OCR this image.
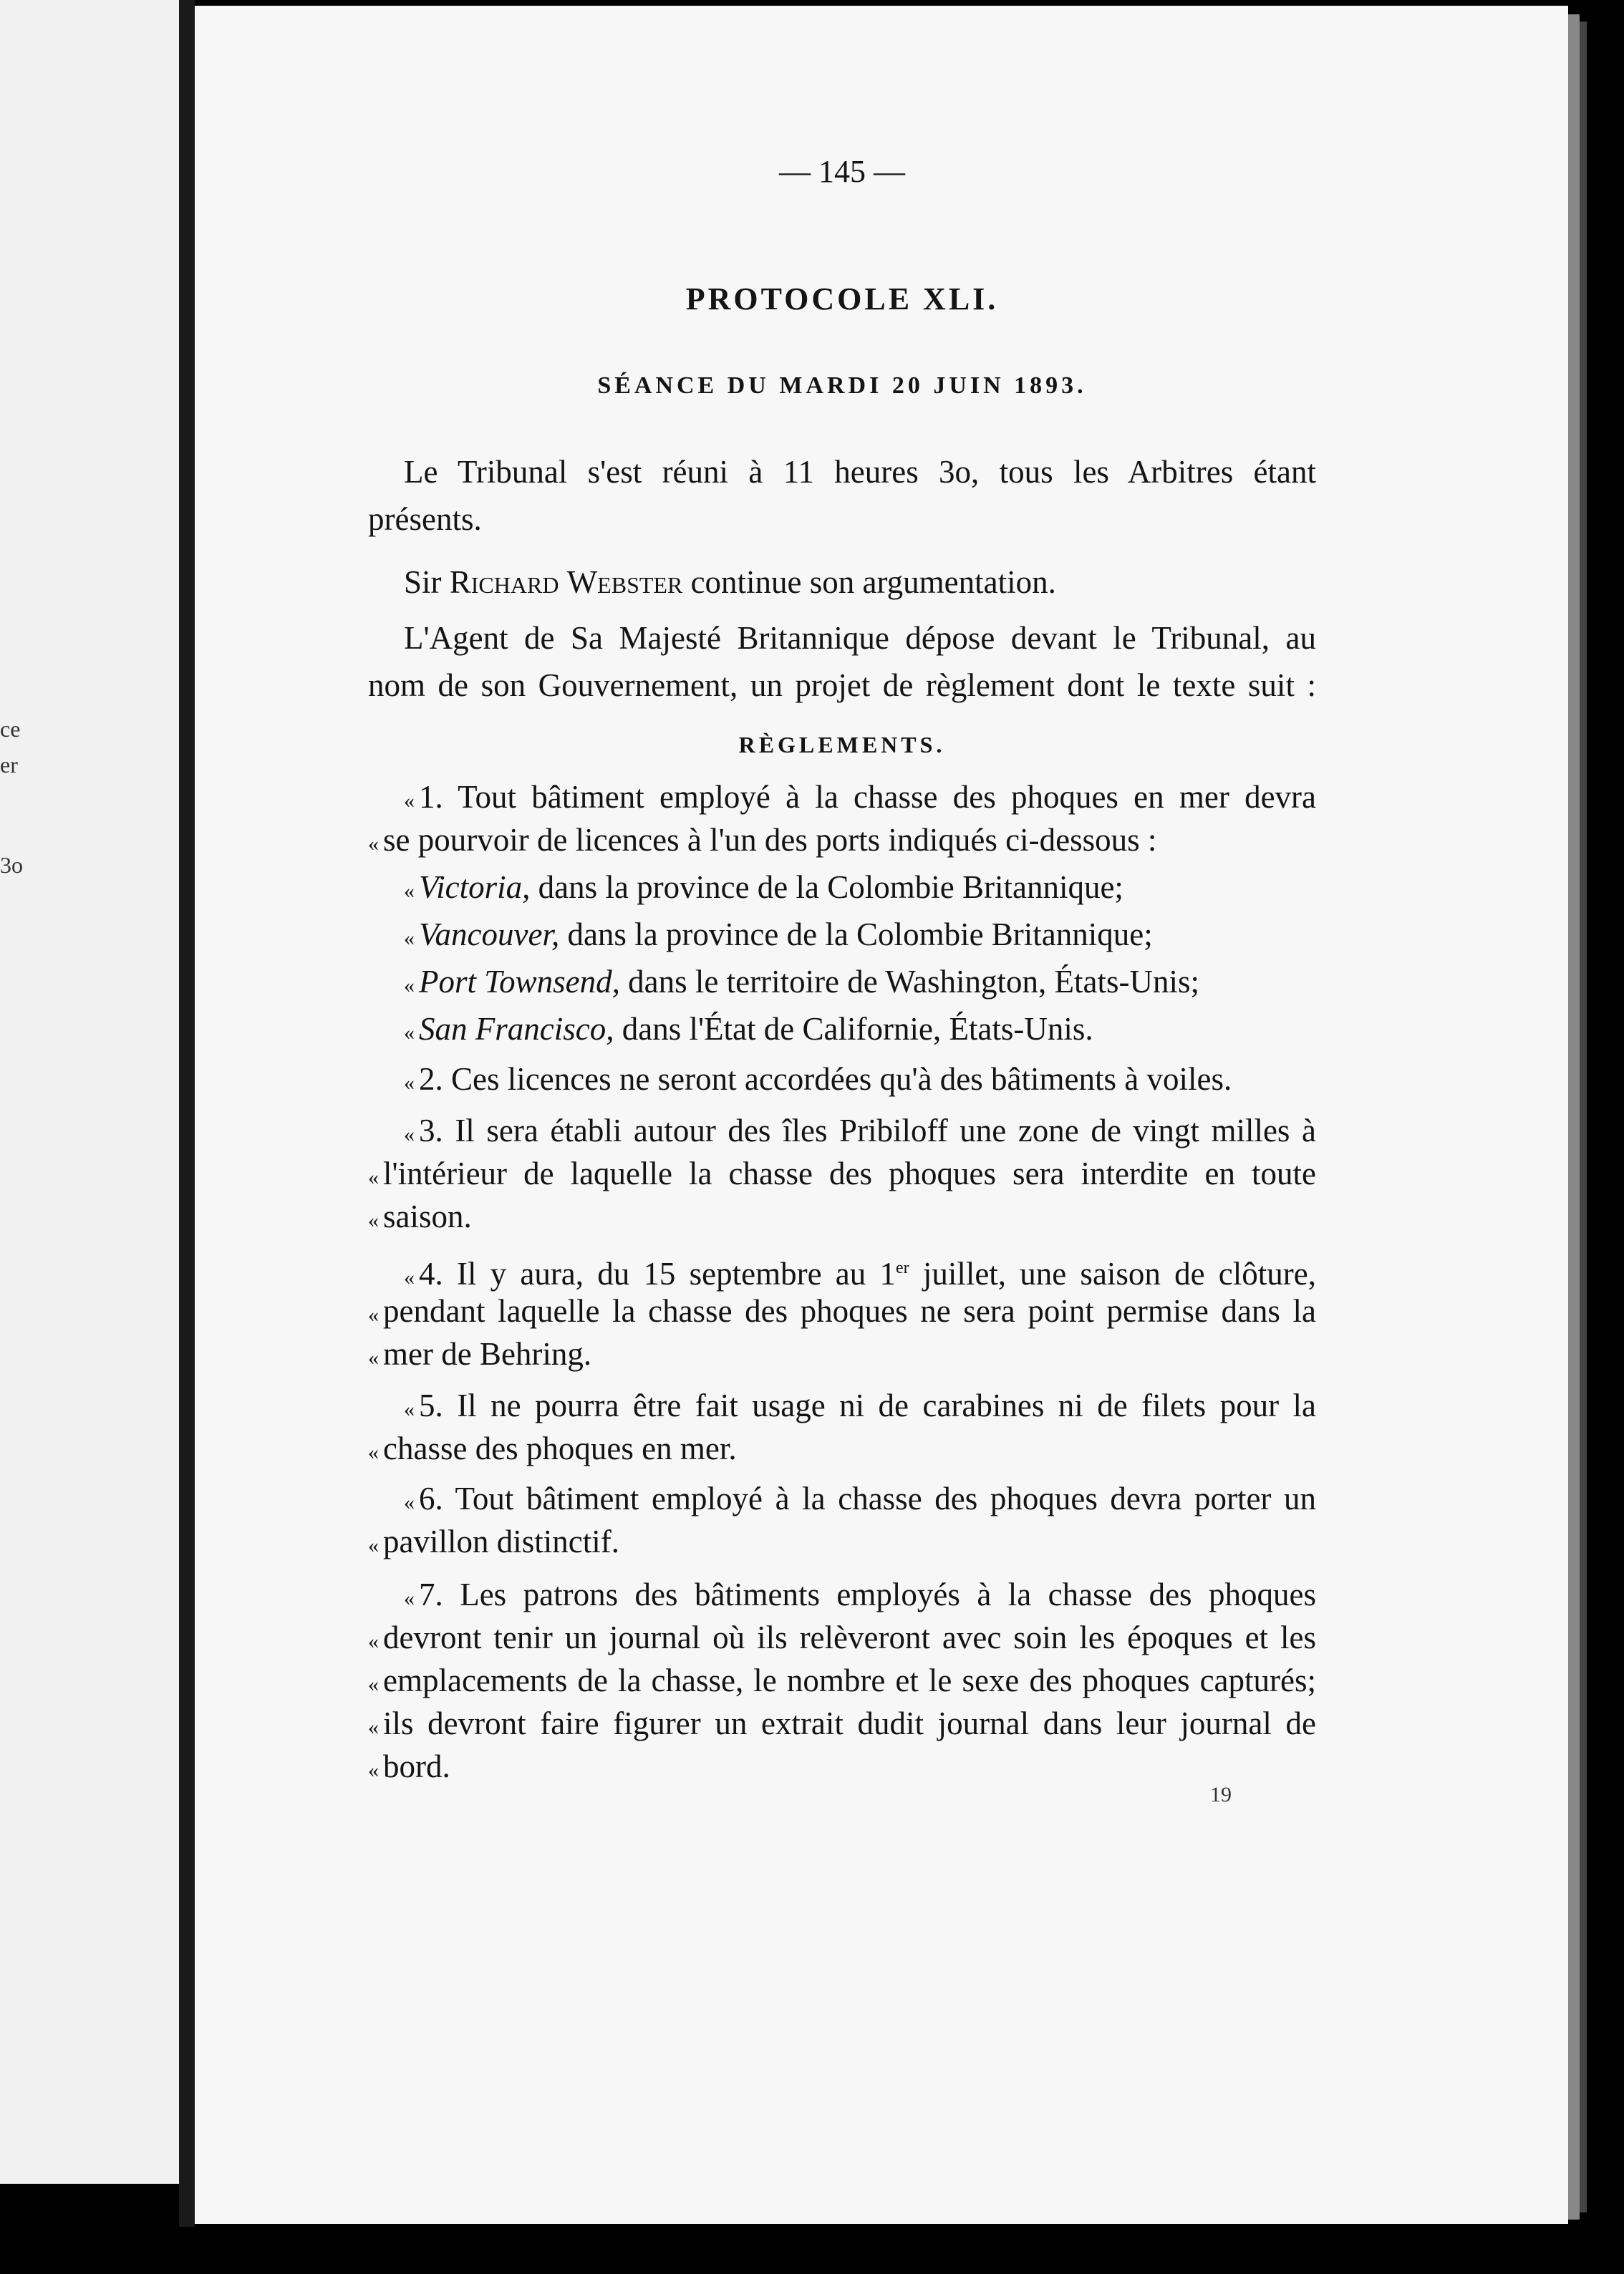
ce
er
3o
— 145 —
PROTOCOLE XLI.
SÉANCE DU MARDI 20 JUIN 1893.
Le Tribunal s'est réuni à 11 heures 3o, tous les Arbitres étant
présents.
Sir Richard Webster continue son argumentation.
L'Agent de Sa Majesté Britannique dépose devant le Tribunal, au
nom de son Gouvernement, un projet de règlement dont le texte suit :
RÈGLEMENTS.
« 1. Tout bâtiment employé à la chasse des phoques en mer devra
« se pourvoir de licences à l'un des ports indiqués ci-dessous :
« Victoria, dans la province de la Colombie Britannique;
« Vancouver, dans la province de la Colombie Britannique;
« Port Townsend, dans le territoire de Washington, États-Unis;
« San Francisco, dans l'État de Californie, États-Unis.
« 2. Ces licences ne seront accordées qu'à des bâtiments à voiles.
« 3. Il sera établi autour des îles Pribiloff une zone de vingt milles à
« l'intérieur de laquelle la chasse des phoques sera interdite en toute
« saison.
« 4. Il y aura, du 15 septembre au 1er juillet, une saison de clôture,
« pendant laquelle la chasse des phoques ne sera point permise dans la
« mer de Behring.
« 5. Il ne pourra être fait usage ni de carabines ni de filets pour la
« chasse des phoques en mer.
« 6. Tout bâtiment employé à la chasse des phoques devra porter un
« pavillon distinctif.
« 7. Les patrons des bâtiments employés à la chasse des phoques
« devront tenir un journal où ils relèveront avec soin les époques et les
« emplacements de la chasse, le nombre et le sexe des phoques capturés;
« ils devront faire figurer un extrait dudit journal dans leur journal de
« bord.
19
